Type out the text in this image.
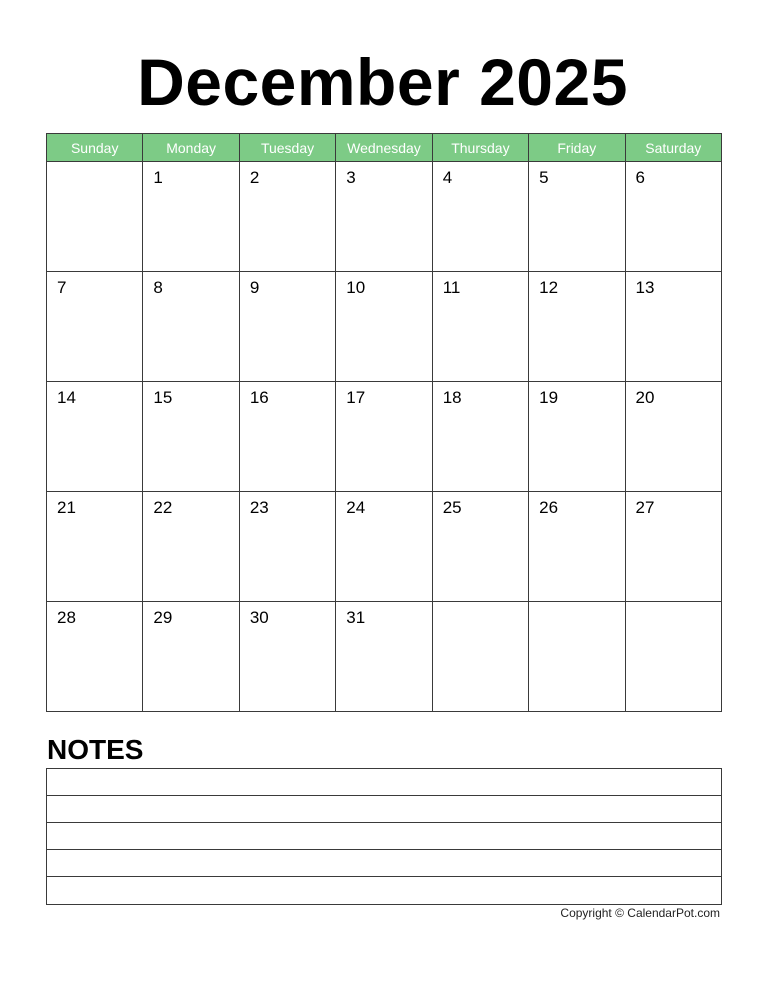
December 2025
Sunday	Monday	Tuesday	Wednesday	Thursday	Friday	Saturday
	1	2	3	4	5	6
7	8	9	10	11	12	13
14	15	16	17	18	19	20
21	22	23	24	25	26	27
28	29	30	31			
NOTES
Copyright © CalendarPot.com
